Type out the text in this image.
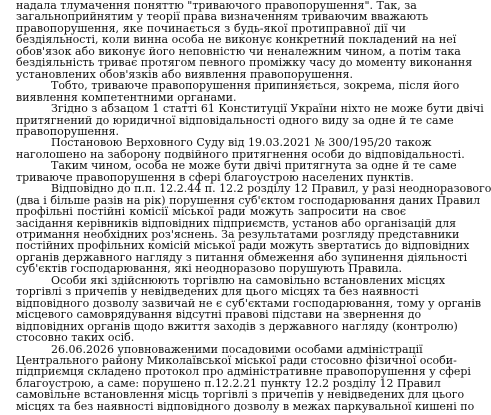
надала тлумачення поняттю "триваючого правопорушення". Так, за
загальноприйнятим у теорії права визначенням триваючим вважають
правопорушення, яке починається з будь-якої протиправної дії чи
бездіяльності, коли винна особа не виконує конкретний покладений на неї
обов'язок або виконує його неповністю чи неналежним чином, а потім така
бездіяльність триває протягом певного проміжку часу до моменту виконання
установлених обов'язків або виявлення правопорушення.
Тобто, триваюче правопорушення припиняється, зокрема, після його
виявлення компетентними органами.
Згідно з абзацом 1 статті 61 Конституції України ніхто не може бути двічі
притягнений до юридичної відповідальності одного виду за одне й те саме
правопорушення.
Постановою Верховного Суду від 19.03.2021 № 300/195/20 також
наголошено на заборону подвійного притягнення особи до відповідальності.
Таким чином, особа не може бути двічі притягнута за одне й те саме
триваюче правопорушення в сфері благоустрою населених пунктів.
Відповідно до п.п. 12.2.44 п. 12.2 розділу 12 Правил, у разі неодноразового
(два і більше разів на рік) порушення суб'єктом господарювання даних Правил
профільні постійні комісії міської ради можуть запросити на своє
засідання керівників відповідних підприємств, установ або організацій для
отримання необхідних роз'яснень. За результатами розгляду представники
постійних профільних комісій міської ради можуть звертатись до відповідних
органів державного нагляду з питання обмеження або зупинення діяльності
суб'єктів господарювання, які неодноразово порушують Правила.
Особи які здійснюють торгівлю на самовільно встановлених місцях
торгівлі з причепів у невідведених для цього місцях та без наявності
відповідного дозволу зазвичай не є суб'єктами господарювання, тому у органів
місцевого самоврядування відсутні правові підстави на звернення до
відповідних органів щодо вжиття заходів з державного нагляду (контролю)
стосовно таких осіб.
26.06.2026 уповноваженими посадовими особами адміністрації
Центрального району Миколаївської міської ради стосовно фізичної особи-
підприємця складено протокол про адміністративне правопорушення у сфері
благоустрою, а саме: порушено п.12.2.21 пункту 12.2 розділу 12 Правил
самовільне встановлення місць торгівлі з причепів у невідведених для цього
місцях та без наявності відповідного дозволу в межах паркувальної кишені по
